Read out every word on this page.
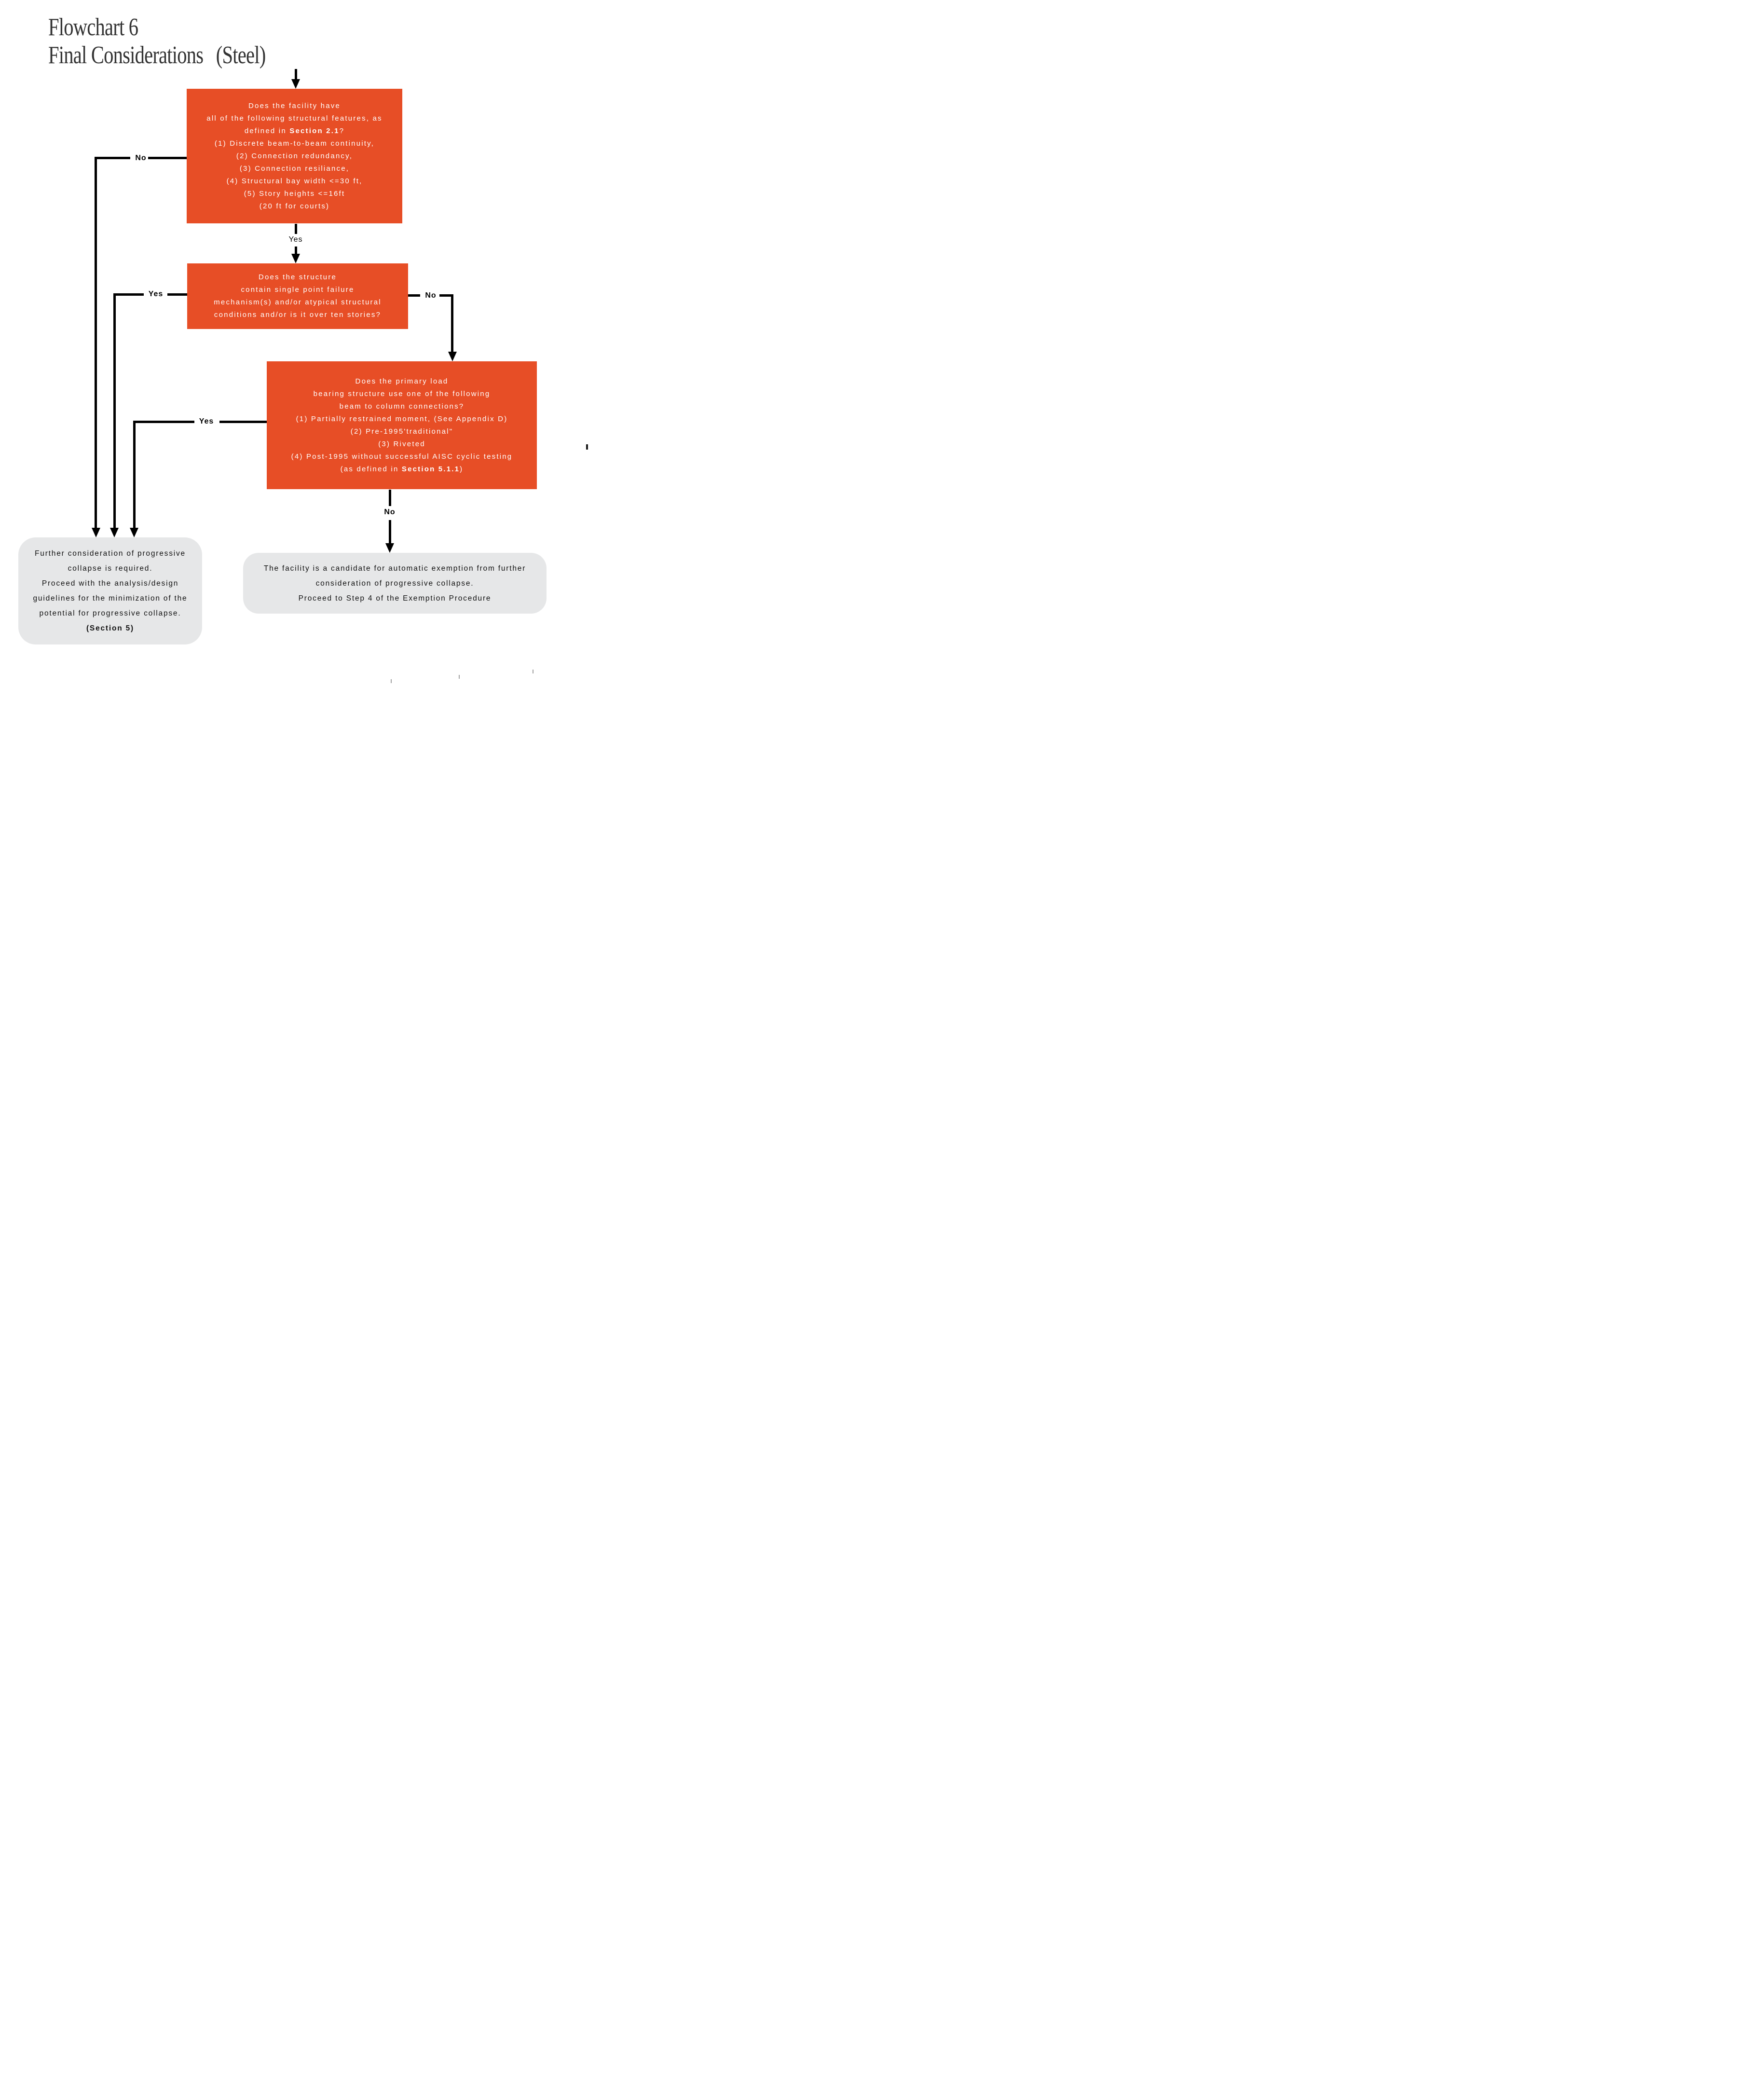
Flowchart 6
Final Considerations (Steel)
Does the facility have
all of the following structural features, as
defined in Section 2.1?
(1) Discrete beam-to-beam continuity,
(2) Connection redundancy,
(3) Connection resiliance,
(4) Structural bay width <=30 ft,
(5) Story heights <=16ft
(20 ft for courts)
No
Yes
Does the structure
contain single point failure
mechanism(s) and/or atypical structural
conditions and/or is it over ten stories?
Yes	No
Does the primary load
bearing structure use one of the following
beam to column connections?
(1) Partially restrained moment, (See Appendix D)
(2) Pre-1995'traditional"
(3) Riveted
(4) Post-1995 without successful AISC cyclic testing
(as defined in Section 5.1.1)
Yes
No
Further consideration of progressive
collapse is required.
Proceed with the analysis/design
guidelines for the minimization of the
potential for progressive collapse.
(Section 5)
The facility is a candidate for automatic exemption from further
consideration of progressive collapse.
Proceed to Step 4 of the Exemption Procedure
